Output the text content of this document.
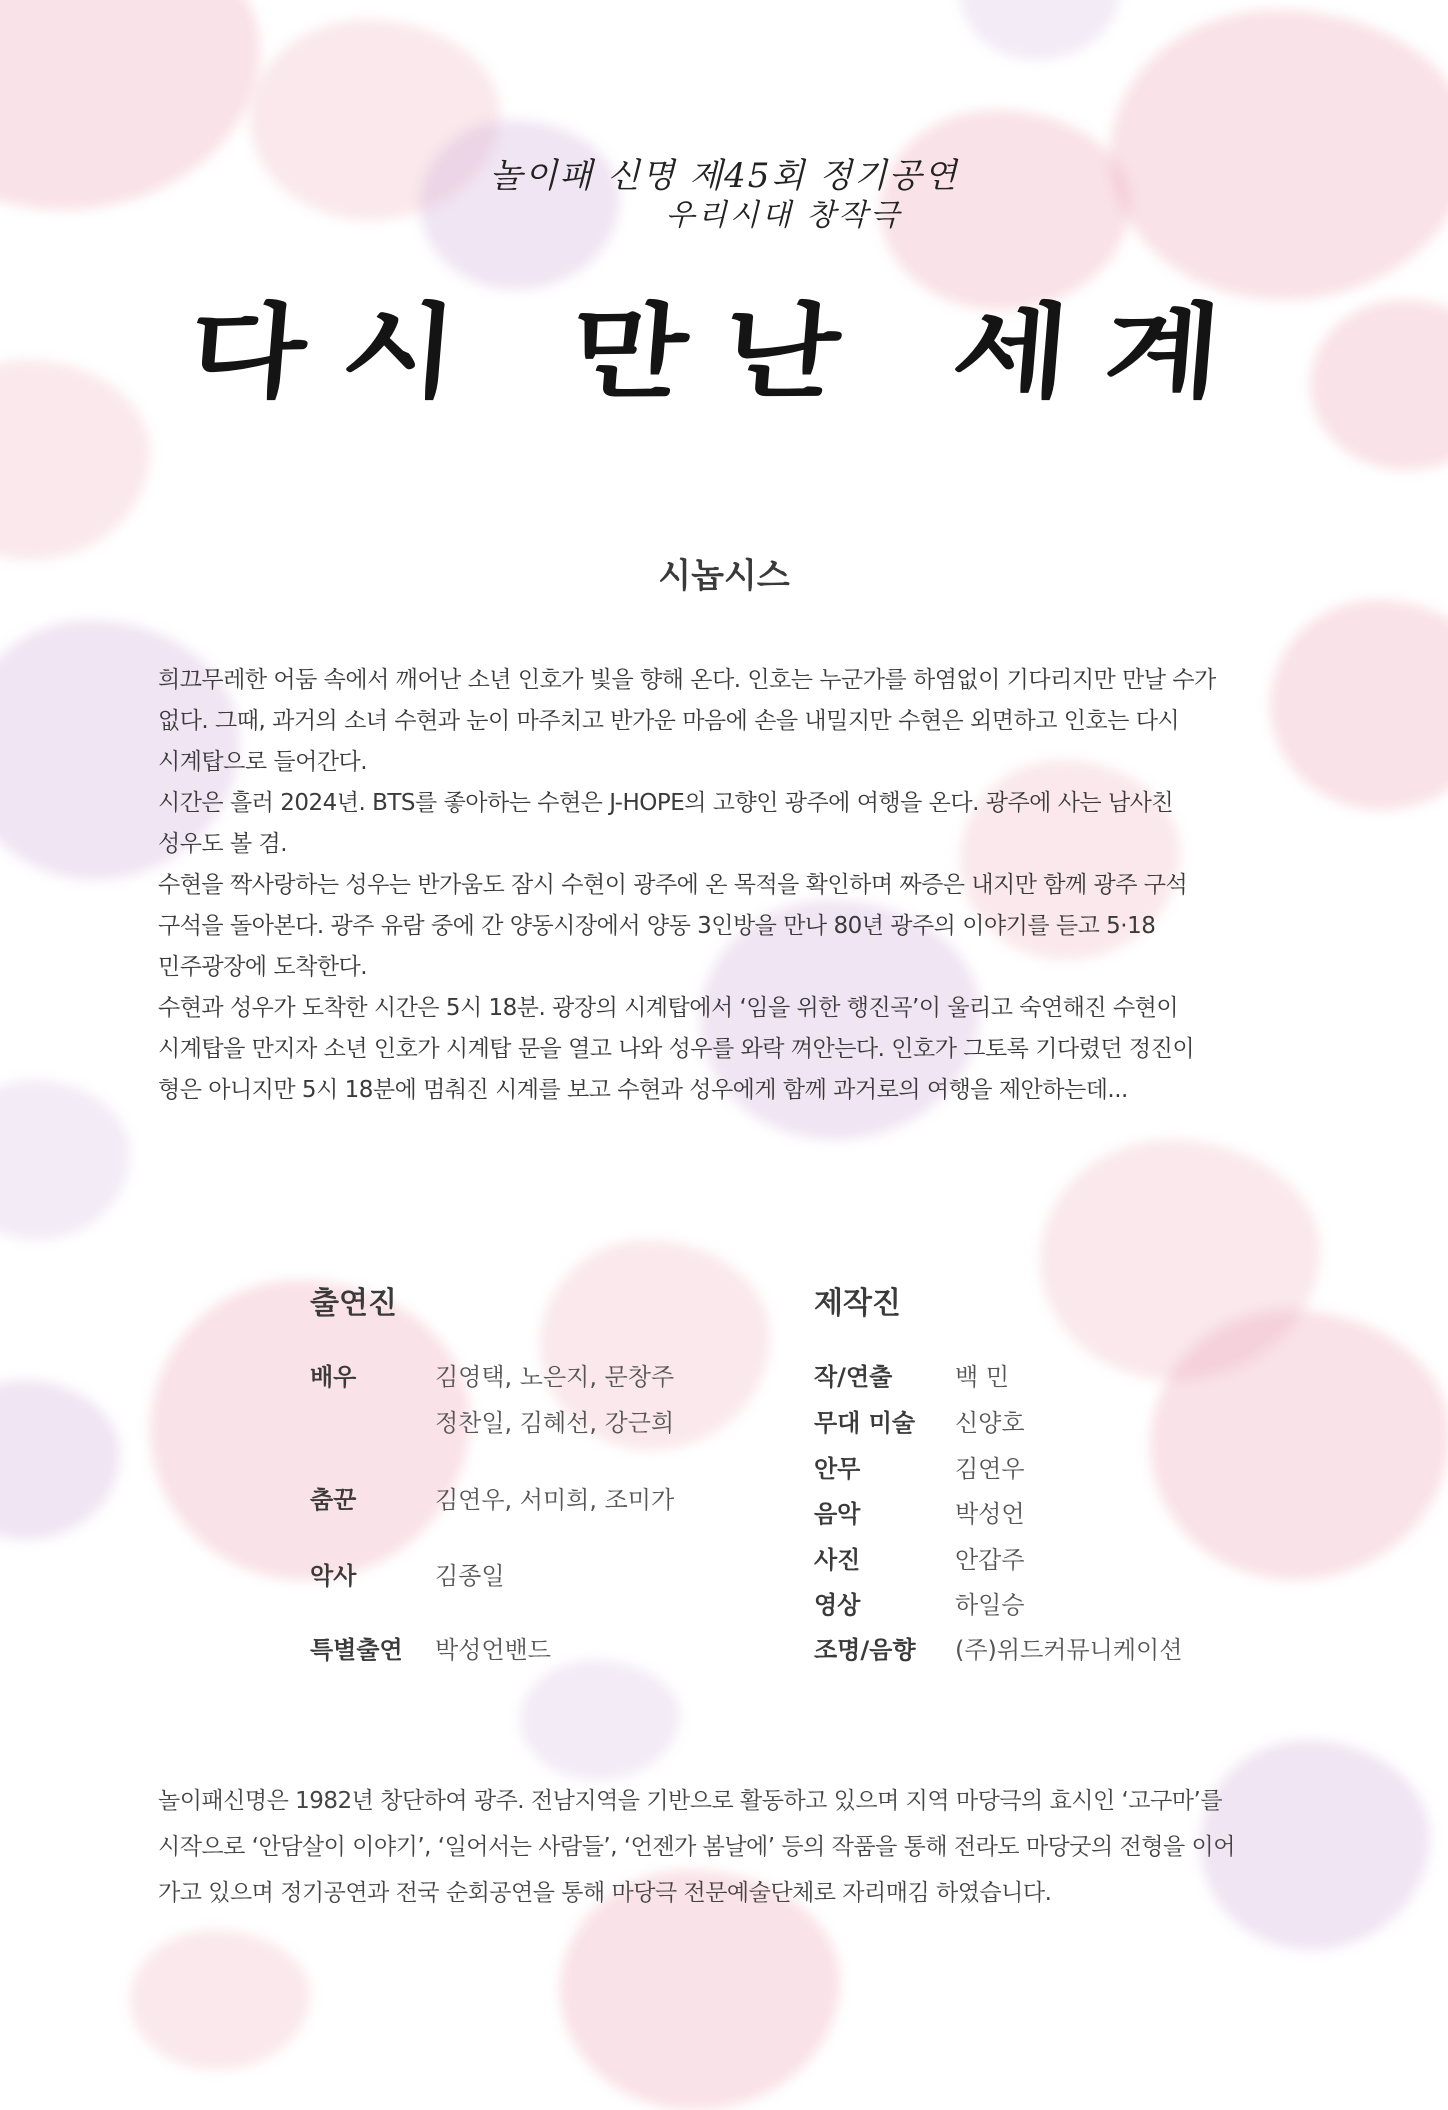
놀이패 신명 제45회 정기공연
우리시대 창작극
다시 만난 세계
시놉시스

희끄무레한 어둠 속에서 깨어난 소년 인호가 빛을 향해 온다. 인호는 누군가를 하염없이 기다리지만 만날 수가

없다. 그때, 과거의 소녀 수현과 눈이 마주치고 반가운 마음에 손을 내밀지만 수현은 외면하고 인호는 다시

시계탑으로 들어간다.

시간은 흘러 2024년. BTS를 좋아하는 수현은 J-HOPE의 고향인 광주에 여행을 온다. 광주에 사는 남사친

성우도 볼 겸.

수현을 짝사랑하는 성우는 반가움도 잠시 수현이 광주에 온 목적을 확인하며 짜증은 내지만 함께 광주 구석

구석을 돌아본다. 광주 유람 중에 간 양동시장에서 양동 3인방을 만나 80년 광주의 이야기를 듣고 5·18

민주광장에 도착한다.

수현과 성우가 도착한 시간은 5시 18분. 광장의 시계탑에서 ‘임을 위한 행진곡’이 울리고 숙연해진 수현이

시계탑을 만지자 소년 인호가 시계탑 문을 열고 나와 성우를 와락 껴안는다. 인호가 그토록 기다렸던 정진이

형은 아니지만 5시 18분에 멈춰진 시계를 보고 수현과 성우에게 함께 과거로의 여행을 제안하는데...

출연진
배우	김영택, 노은지, 문창주
정찬일, 김혜선, 강근희
춤꾼	김연우, 서미희, 조미가
악사	김종일
특별출연 박성언밴드
제작진
작/연출	백 민
무대 미술 신양호
안무	김연우
음악	박성언
사진	안갑주
영상	하일승
조명/음향 (주)위드커뮤니케이션

놀이패신명은 1982년 창단하여 광주. 전남지역을 기반으로 활동하고 있으며 지역 마당극의 효시인 ‘고구마’를

시작으로 ‘안담살이 이야기’, ‘일어서는 사람들’, ‘언젠가 봄날에’ 등의 작품을 통해 전라도 마당굿의 전형을 이어

가고 있으며 정기공연과 전국 순회공연을 통해 마당극 전문예술단체로 자리매김 하였습니다.
